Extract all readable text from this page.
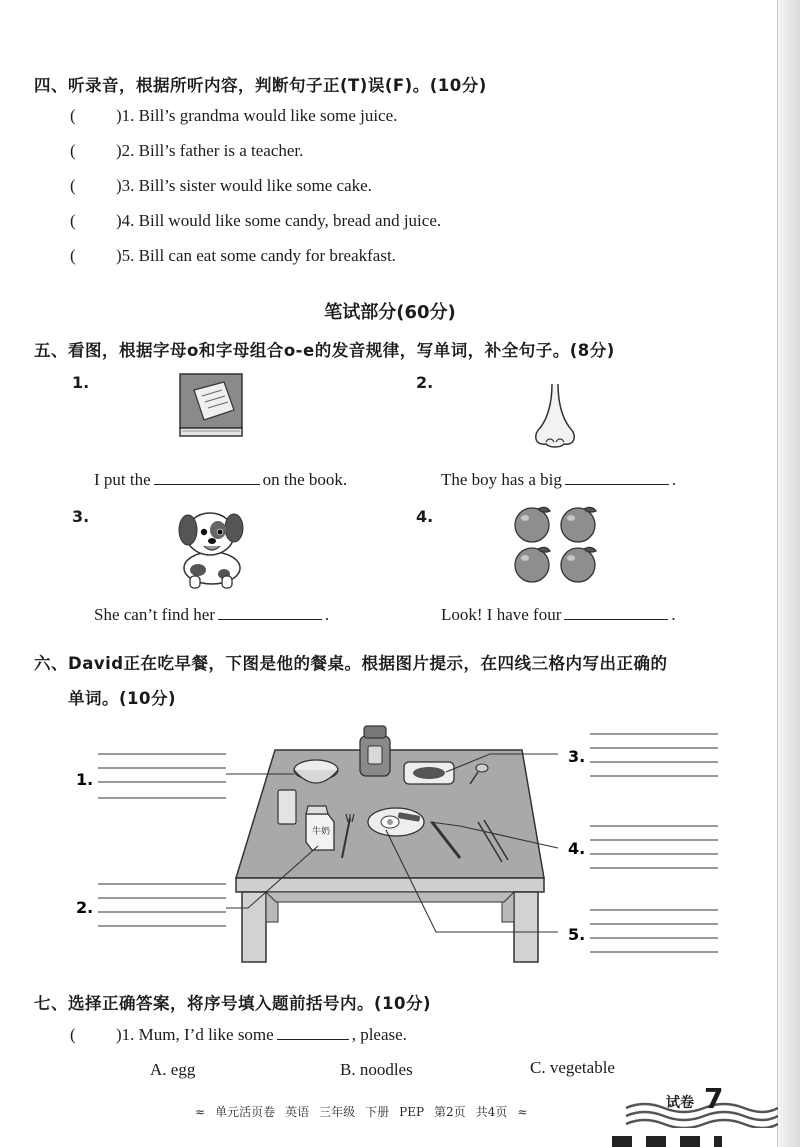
四、听录音，根据所听内容，判断句子正(T)误(F)。(10分)
( )1. Bill’s grandma would like some juice.
( )2. Bill’s father is a teacher.
( )3. Bill’s sister would like some cake.
( )4. Bill would like some candy, bread and juice.
( )5. Bill can eat some candy for breakfast.
笔试部分(60分)
五、看图，根据字母o和字母组合o-e的发音规律，写单词，补全句子。(8分)
1.	2.
I put the	on the book.	The boy has a big	.
3.	4.
She can’t find her	.	Look! I have four	.
六、David正在吃早餐，下图是他的餐桌。根据图片提示，在四线三格内写出正确的
单词。(10分)
牛奶
1.
2.
3.
4.
5.
七、选择正确答案，将序号填入题前括号内。(10分)
( )1. Mum, I’d like some	, please.
A. egg	B. noodles	C. vegetable
≈ 单元活页卷 英语 三年级 下册 PEP 第2页 共4页 ≈
试卷 7
